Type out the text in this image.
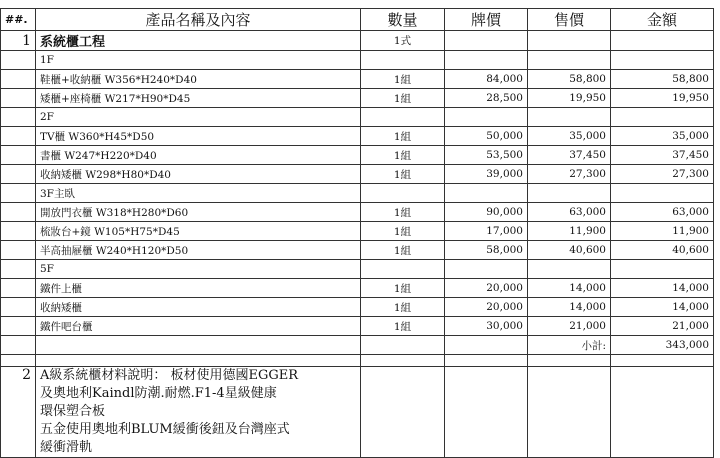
##.	產品名稱及內容	數量	牌價	售價	金額
1	系統櫃工程	1式			
	1F				
	鞋櫃+收納櫃 W356*H240*D40	1組	84,000	58,800	58,800
	矮櫃+座椅櫃 W217*H90*D45	1組	28,500	19,950	19,950
	2F				
	TV櫃 W360*H45*D50	1組	50,000	35,000	35,000
	書櫃 W247*H220*D40	1組	53,500	37,450	37,450
	收納矮櫃 W298*H80*D40	1組	39,000	27,300	27,300
	3F主臥				
	開放門衣櫃 W318*H280*D60	1組	90,000	63,000	63,000
	梳妝台+鏡 W105*H75*D45	1組	17,000	11,900	11,900
	半高抽屜櫃 W240*H120*D50	1組	58,000	40,600	40,600
	5F				
	鐵件上櫃	1組	20,000	14,000	14,000
	收納矮櫃	1組	20,000	14,000	14,000
	鐵件吧台櫃	1組	30,000	21,000	21,000
				小計:	343,000

2	A級系統櫃材料說明： 板材使用德國EGGER
及奧地利Kaindl防潮.耐燃.F1-4星級健康
環保塑合板
五金使用奧地利BLUM緩衝後鈕及台灣座式
緩衝滑軌				
